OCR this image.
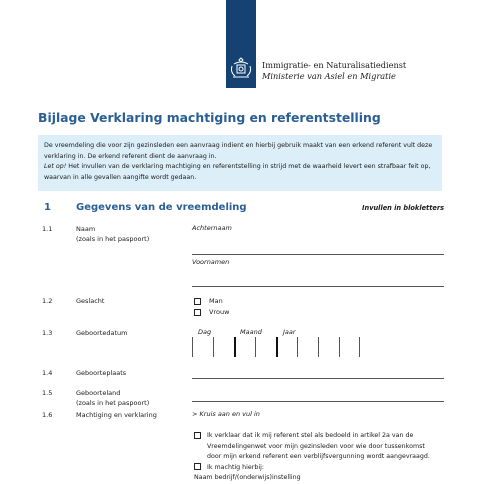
Immigratie- en Naturalisatiedienst
Ministerie van Asiel en Migratie
Bijlage Verklaring machtiging en referentstelling
De vreemdeling die voor zijn gezinsleden een aanvraag indient en hierbij gebruik maakt van een erkend referent vult deze
verklaring in. De erkend referent dient de aanvraag in.
Let op! Het invullen van de verklaring machtiging en referentstelling in strijd met de waarheid levert een strafbaar feit op,
waarvan in alle gevallen aangifte wordt gedaan.
1	Gegevens van de vreemdeling	Invullen in blokletters
1.1	Naam
(zoals in het paspoort)
Achternaam
Voornamen
1.2	Geslacht	Man
Vrouw
1.3	Geboortedatum	Dag	Maand	Jaar
1.4	Geboorteplaats
1.5	Geboorteland
(zoals in het paspoort)
1.6	Machtiging en verklaring	> Kruis aan en vul in
Ik verklaar dat ik mij referent stel als bedoeld in artikel 2a van de
Vreemdelingenwet voor mijn gezinsleden voor wie door tussenkomst
door mijn erkend referent een verblijfsvergunning wordt aangevraagd.
Ik machtig hierbij:
Naam bedrijf/(onderwijs)instelling
